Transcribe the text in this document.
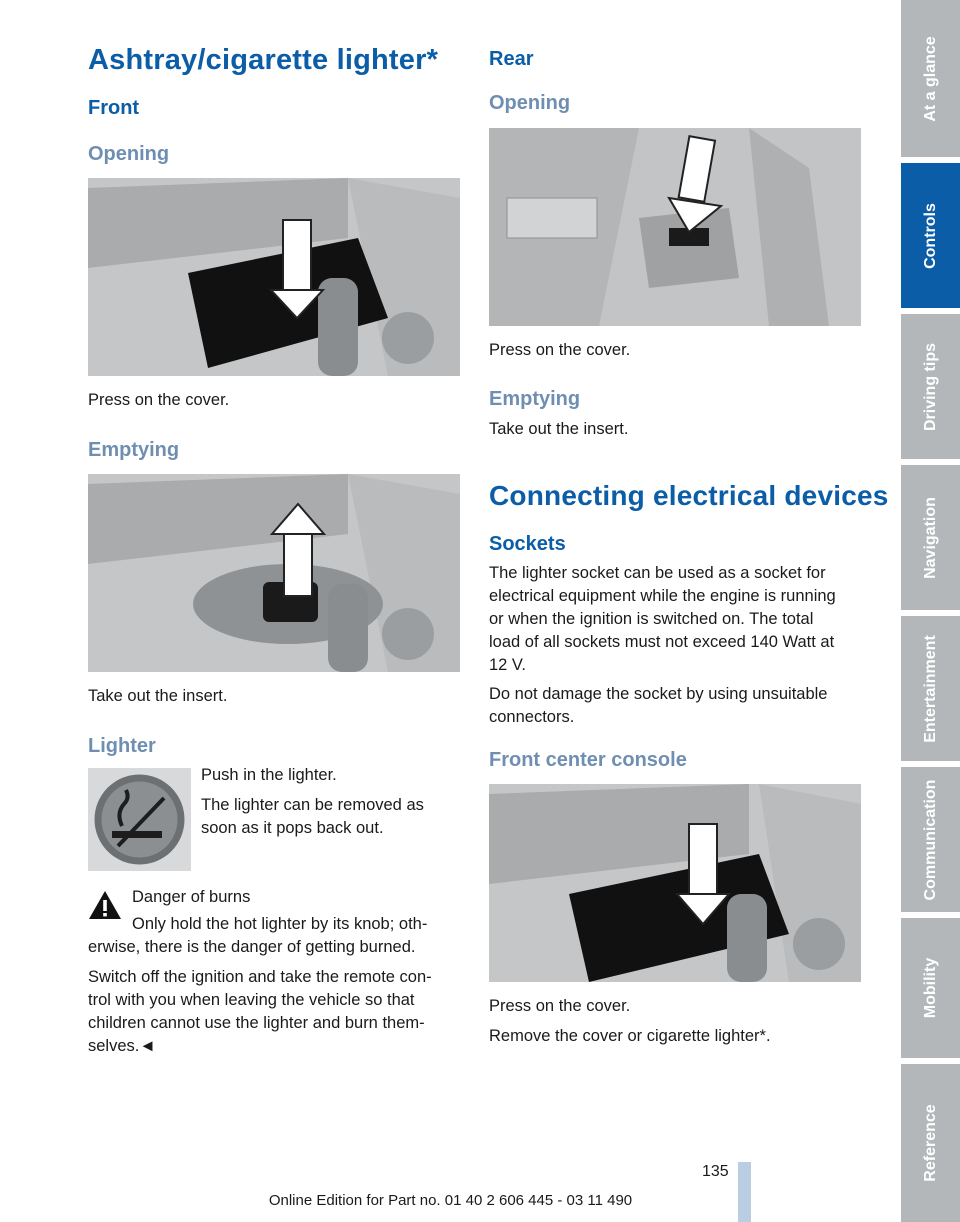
Ashtray/cigarette lighter*
Front
Opening

Press on the cover.

Emptying

Take out the insert.

Lighter

Push in the lighter.

The lighter can be removed as

soon as it pops back out.

Danger of burns

Only hold the hot lighter by its knob; oth-

erwise, there is the danger of getting burned.

Switch off the ignition and take the remote con-

trol with you when leaving the vehicle so that

children cannot use the lighter and burn them-

selves.◄

Rear
Opening

Press on the cover.

Emptying

Take out the insert.

Connecting electrical devices
Sockets

The lighter socket can be used as a socket for

electrical equipment while the engine is running

or when the ignition is switched on. The total

load of all sockets must not exceed 140 Watt at

12 V.

Do not damage the socket by using unsuitable

connectors.

Front center console

Press on the cover.

Remove the cover or cigarette lighter*.

At a glance
Controls
Driving tips
Navigation
Entertainment
Communication
Mobility
Reference
135
Online Edition for Part no. 01 40 2 606 445 - 03 11 490
